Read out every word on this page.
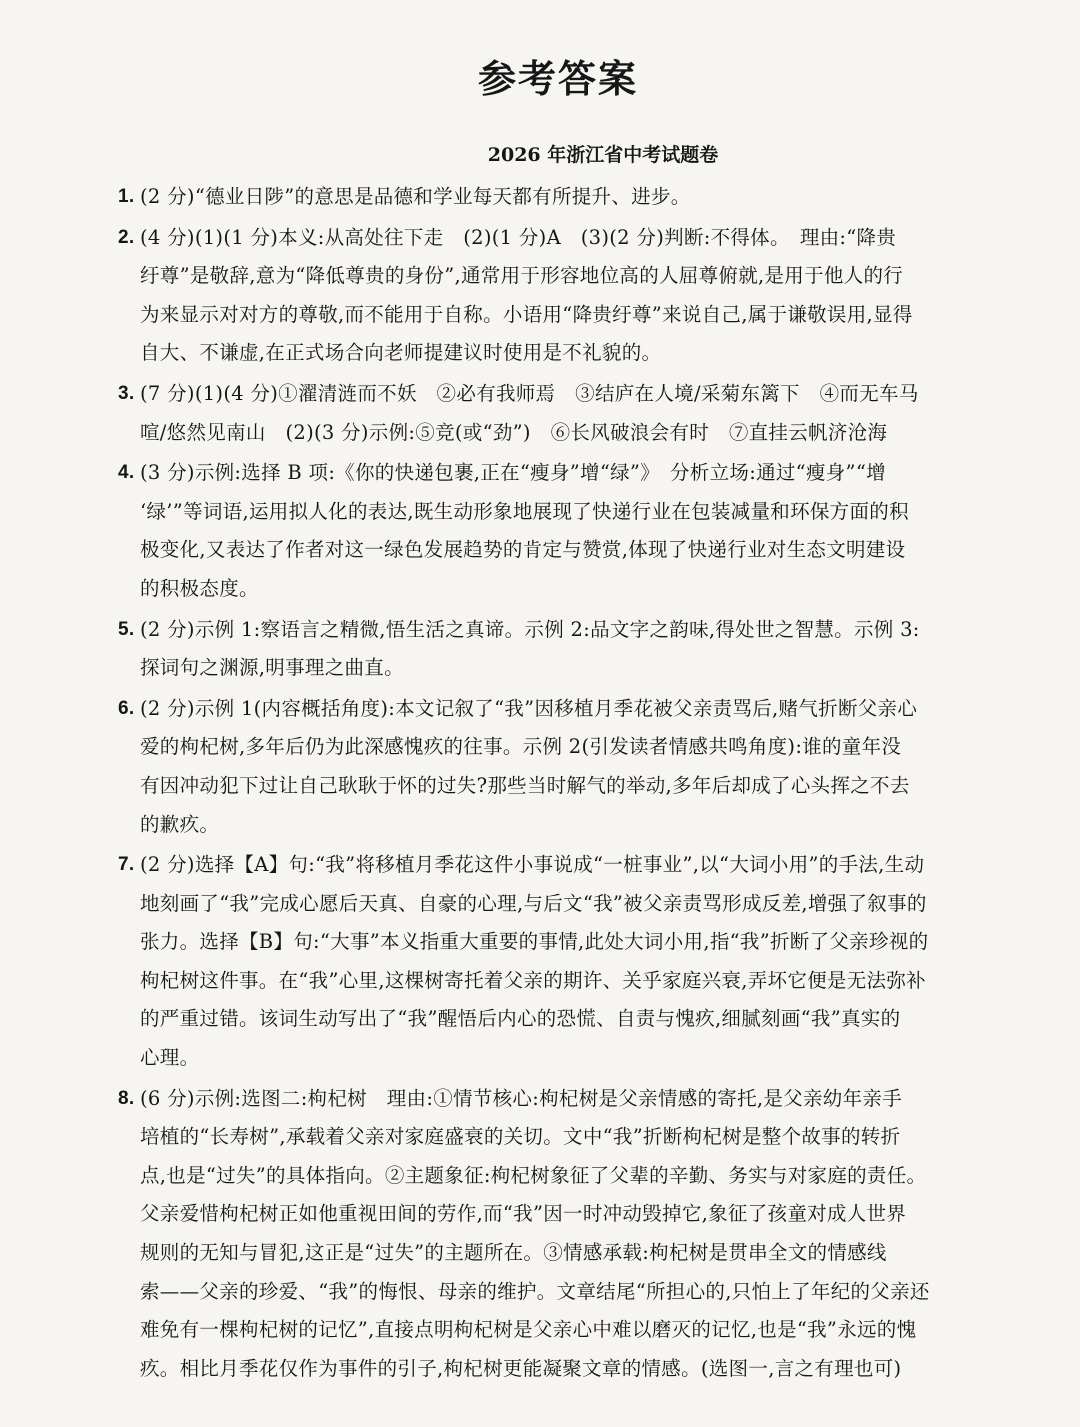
参考答案
2026 年浙江省中考试题卷
1. (2 分)“德业日陟”的意思是品德和学业每天都有所提升、进步。
2. (4 分)(1)(1 分)本义:从高处往下走　(2)(1 分)A　(3)(2 分)判断:不得体。　理由:“降贵
纡尊”是敬辞,意为“降低尊贵的身份”,通常用于形容地位高的人屈尊俯就,是用于他人的行
为来显示对对方的尊敬,而不能用于自称。小语用“降贵纡尊”来说自己,属于谦敬误用,显得
自大、不谦虚,在正式场合向老师提建议时使用是不礼貌的。
3. (7 分)(1)(4 分)①濯清涟而不妖　②必有我师焉　③结庐在人境/采菊东篱下　④而无车马
喧/悠然见南山　(2)(3 分)示例:⑤竞(或“劲”)　⑥长风破浪会有时　⑦直挂云帆济沧海
4. (3 分)示例:选择 B 项:《你的快递包裹,正在“瘦身”增“绿”》　分析立场:通过“瘦身”“增
‘绿’”等词语,运用拟人化的表达,既生动形象地展现了快递行业在包装减量和环保方面的积
极变化,又表达了作者对这一绿色发展趋势的肯定与赞赏,体现了快递行业对生态文明建设
的积极态度。
5. (2 分)示例 1:察语言之精微,悟生活之真谛。示例 2:品文字之韵味,得处世之智慧。示例 3:
探词句之渊源,明事理之曲直。
6. (2 分)示例 1(内容概括角度):本文记叙了“我”因移植月季花被父亲责骂后,赌气折断父亲心
爱的枸杞树,多年后仍为此深感愧疚的往事。示例 2(引发读者情感共鸣角度):谁的童年没
有因冲动犯下过让自己耿耿于怀的过失?那些当时解气的举动,多年后却成了心头挥之不去
的歉疚。
7. (2 分)选择【A】句:“我”将移植月季花这件小事说成“一桩事业”,以“大词小用”的手法,生动
地刻画了“我”完成心愿后天真、自豪的心理,与后文“我”被父亲责骂形成反差,增强了叙事的
张力。选择【B】句:“大事”本义指重大重要的事情,此处大词小用,指“我”折断了父亲珍视的
枸杞树这件事。在“我”心里,这棵树寄托着父亲的期许、关乎家庭兴衰,弄坏它便是无法弥补
的严重过错。该词生动写出了“我”醒悟后内心的恐慌、自责与愧疚,细腻刻画“我”真实的
心理。
8. (6 分)示例:选图二:枸杞树　理由:①情节核心:枸杞树是父亲情感的寄托,是父亲幼年亲手
培植的“长寿树”,承载着父亲对家庭盛衰的关切。文中“我”折断枸杞树是整个故事的转折
点,也是“过失”的具体指向。②主题象征:枸杞树象征了父辈的辛勤、务实与对家庭的责任。
父亲爱惜枸杞树正如他重视田间的劳作,而“我”因一时冲动毁掉它,象征了孩童对成人世界
规则的无知与冒犯,这正是“过失”的主题所在。③情感承载:枸杞树是贯串全文的情感线
索——父亲的珍爱、“我”的悔恨、母亲的维护。文章结尾“所担心的,只怕上了年纪的父亲还
难免有一棵枸杞树的记忆”,直接点明枸杞树是父亲心中难以磨灭的记忆,也是“我”永远的愧
疚。相比月季花仅作为事件的引子,枸杞树更能凝聚文章的情感。(选图一,言之有理也可)
